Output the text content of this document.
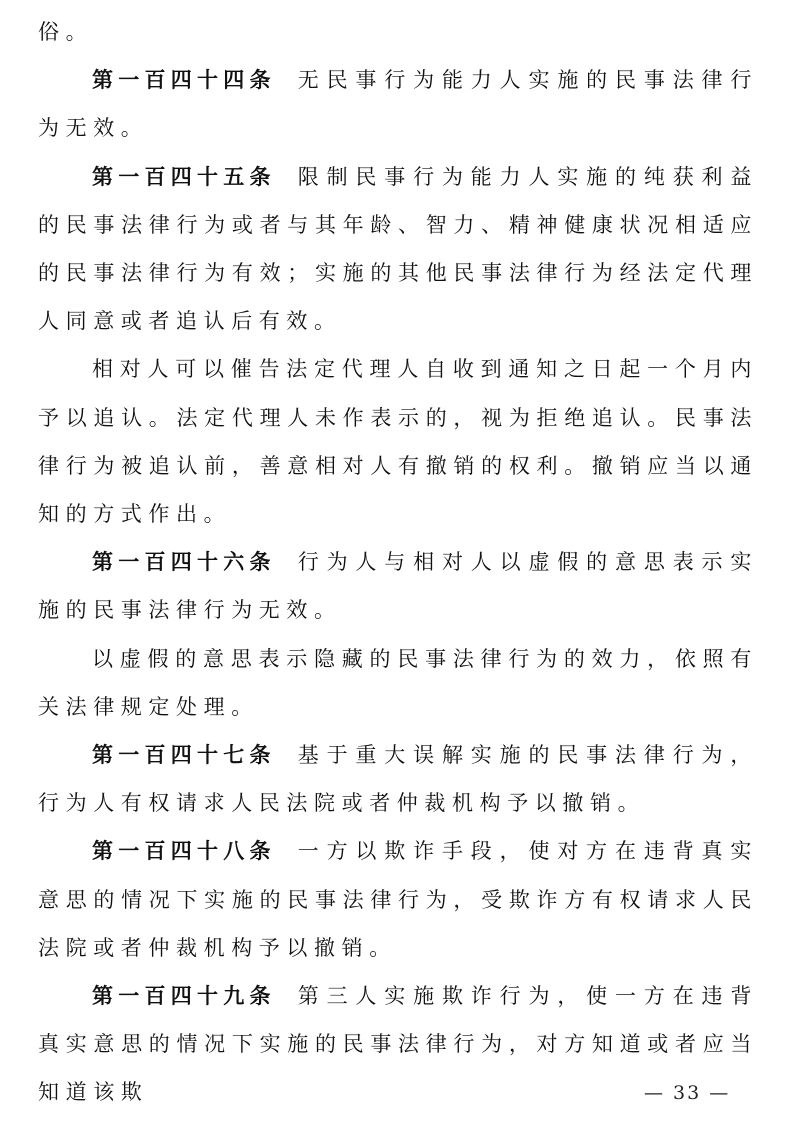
俗。

第一百四十四条 无民事行为能力人实施的民事法律行为无效。

第一百四十五条 限制民事行为能力人实施的纯获利益的民事法律行为或者与其年龄、智力、精神健康状况相适应的民事法律行为有效；实施的其他民事法律行为经法定代理人同意或者追认后有效。

相对人可以催告法定代理人自收到通知之日起一个月内予以追认。法定代理人未作表示的，视为拒绝追认。民事法律行为被追认前，善意相对人有撤销的权利。撤销应当以通知的方式作出。

第一百四十六条 行为人与相对人以虚假的意思表示实施的民事法律行为无效。

以虚假的意思表示隐藏的民事法律行为的效力，依照有关法律规定处理。

第一百四十七条 基于重大误解实施的民事法律行为，行为人有权请求人民法院或者仲裁机构予以撤销。

第一百四十八条 一方以欺诈手段，使对方在违背真实意思的情况下实施的民事法律行为，受欺诈方有权请求人民法院或者仲裁机构予以撤销。

第一百四十九条 第三人实施欺诈行为，使一方在违背真实意思的情况下实施的民事法律行为，对方知道或者应当知道该欺	— 33 —
